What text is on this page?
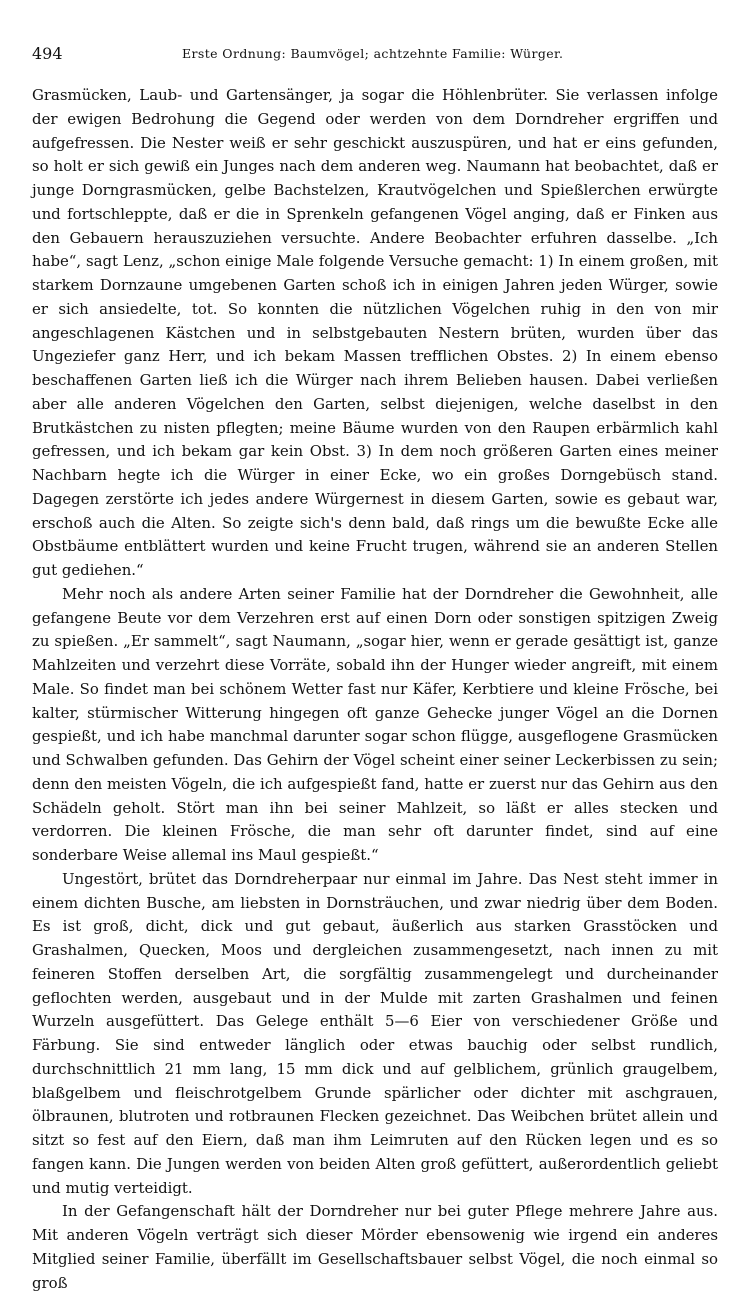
494	Erste Ordnung: Baumvögel; achtzehnte Familie: Würger.

Grasmücken, Laub- und Gartensänger, ja sogar die Höhlenbrüter. Sie verlassen infolge der ewigen Bedrohung die Gegend oder werden von dem Dorndreher ergriffen und aufgefressen. Die Nester weiß er sehr geschickt auszuspüren, und hat er eins gefunden, so holt er sich gewiß ein Junges nach dem anderen weg. Naumann hat beobachtet, daß er junge Dorngrasmücken, gelbe Bachstelzen, Krautvögelchen und Spießlerchen erwürgte und fortschleppte, daß er die in Sprenkeln gefangenen Vögel anging, daß er Finken aus den Gebauern herauszuziehen versuchte. Andere Beobachter erfuhren dasselbe. „Ich habe“, sagt Lenz, „schon einige Male folgende Versuche gemacht: 1) In einem großen, mit starkem Dornzaune umgebenen Garten schoß ich in einigen Jahren jeden Würger, sowie er sich ansiedelte, tot. So konnten die nützlichen Vögelchen ruhig in den von mir angeschlagenen Kästchen und in selbstgebauten Nestern brüten, wurden über das Ungeziefer ganz Herr, und ich bekam Massen trefflichen Obstes. 2) In einem ebenso beschaffenen Garten ließ ich die Würger nach ihrem Belieben hausen. Dabei verließen aber alle anderen Vögelchen den Garten, selbst diejenigen, welche daselbst in den Brutkästchen zu nisten pflegten; meine Bäume wurden von den Raupen erbärmlich kahl gefressen, und ich bekam gar kein Obst. 3) In dem noch größeren Garten eines meiner Nachbarn hegte ich die Würger in einer Ecke, wo ein großes Dorngebüsch stand. Dagegen zerstörte ich jedes andere Würgernest in diesem Garten, sowie es gebaut war, erschoß auch die Alten. So zeigte sich's denn bald, daß rings um die bewußte Ecke alle Obstbäume entblättert wurden und keine Frucht trugen, während sie an anderen Stellen gut gediehen.“

Mehr noch als andere Arten seiner Familie hat der Dorndreher die Gewohnheit, alle gefangene Beute vor dem Verzehren erst auf einen Dorn oder sonstigen spitzigen Zweig zu spießen. „Er sammelt“, sagt Naumann, „sogar hier, wenn er gerade gesättigt ist, ganze Mahlzeiten und verzehrt diese Vorräte, sobald ihn der Hunger wieder angreift, mit einem Male. So findet man bei schönem Wetter fast nur Käfer, Kerbtiere und kleine Frösche, bei kalter, stürmischer Witterung hingegen oft ganze Gehecke junger Vögel an die Dornen gespießt, und ich habe manchmal darunter sogar schon flügge, ausgeflogene Grasmücken und Schwalben gefunden. Das Gehirn der Vögel scheint einer seiner Leckerbissen zu sein; denn den meisten Vögeln, die ich aufgespießt fand, hatte er zuerst nur das Gehirn aus den Schädeln geholt. Stört man ihn bei seiner Mahlzeit, so läßt er alles stecken und verdorren. Die kleinen Frösche, die man sehr oft darunter findet, sind auf eine sonderbare Weise allemal ins Maul gespießt.“

Ungestört, brütet das Dorndreherpaar nur einmal im Jahre. Das Nest steht immer in einem dichten Busche, am liebsten in Dornsträuchen, und zwar niedrig über dem Boden. Es ist groß, dicht, dick und gut gebaut, äußerlich aus starken Grasstöcken und Grashalmen, Quecken, Moos und dergleichen zusammengesetzt, nach innen zu mit feineren Stoffen derselben Art, die sorgfältig zusammengelegt und durcheinander geflochten werden, ausgebaut und in der Mulde mit zarten Grashalmen und feinen Wurzeln ausgefüttert. Das Gelege enthält 5—6 Eier von verschiedener Größe und Färbung. Sie sind entweder länglich oder etwas bauchig oder selbst rundlich, durchschnittlich 21 mm lang, 15 mm dick und auf gelblichem, grünlich graugelbem, blaßgelbem und fleischrotgelbem Grunde spärlicher oder dichter mit aschgrauen, ölbraunen, blutroten und rotbraunen Flecken gezeichnet. Das Weibchen brütet allein und sitzt so fest auf den Eiern, daß man ihm Leimruten auf den Rücken legen und es so fangen kann. Die Jungen werden von beiden Alten groß gefüttert, außerordentlich geliebt und mutig verteidigt.

In der Gefangenschaft hält der Dorndreher nur bei guter Pflege mehrere Jahre aus. Mit anderen Vögeln verträgt sich dieser Mörder ebensowenig wie irgend ein anderes Mitglied seiner Familie, überfällt im Gesellschaftsbauer selbst Vögel, die noch einmal so groß
